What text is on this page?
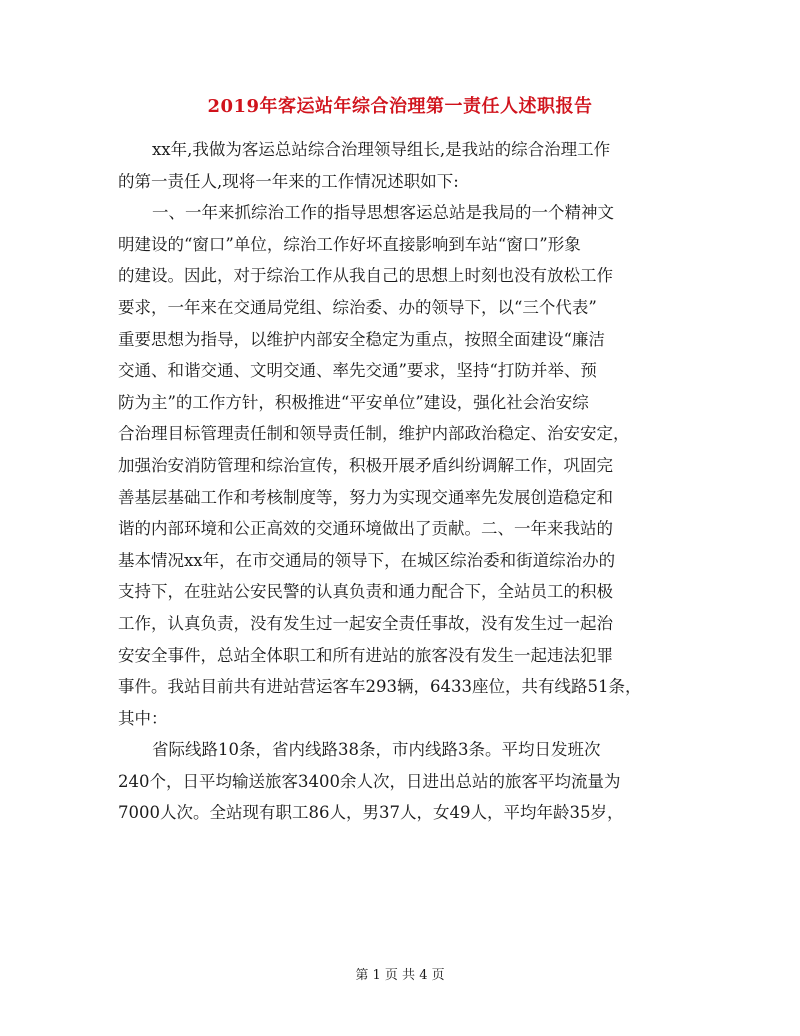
2019年客运站年综合治理第一责任人述职报告
xx年,我做为客运总站综合治理领导组长,是我站的综合治理工作
的第一责任人,现将一年来的工作情况述职如下:
一、一年来抓综治工作的指导思想客运总站是我局的一个精神文
明建设的“窗口”单位，综治工作好坏直接影响到车站“窗口”形象
的建设。因此，对于综治工作从我自己的思想上时刻也没有放松工作
要求，一年来在交通局党组、综治委、办的领导下，以“三个代表”
重要思想为指导，以维护内部安全稳定为重点，按照全面建设“廉洁
交通、和谐交通、文明交通、率先交通”要求，坚持“打防并举、预
防为主”的工作方针，积极推进“平安单位”建设，强化社会治安综
合治理目标管理责任制和领导责任制，维护内部政治稳定、治安安定，
加强治安消防管理和综治宣传，积极开展矛盾纠纷调解工作，巩固完
善基层基础工作和考核制度等，努力为实现交通率先发展创造稳定和
谐的内部环境和公正高效的交通环境做出了贡献。二、一年来我站的
基本情况xx年，在市交通局的领导下，在城区综治委和街道综治办的
支持下，在驻站公安民警的认真负责和通力配合下，全站员工的积极
工作，认真负责，没有发生过一起安全责任事故，没有发生过一起治
安安全事件，总站全体职工和所有进站的旅客没有发生一起违法犯罪
事件。我站目前共有进站营运客车293辆，6433座位，共有线路51条，
其中：
省际线路10条，省内线路38条，市内线路3条。平均日发班次
240个，日平均输送旅客3400余人次，日进出总站的旅客平均流量为
7000人次。全站现有职工86人，男37人，女49人，平均年龄35岁，
第 1 页 共 4 页
